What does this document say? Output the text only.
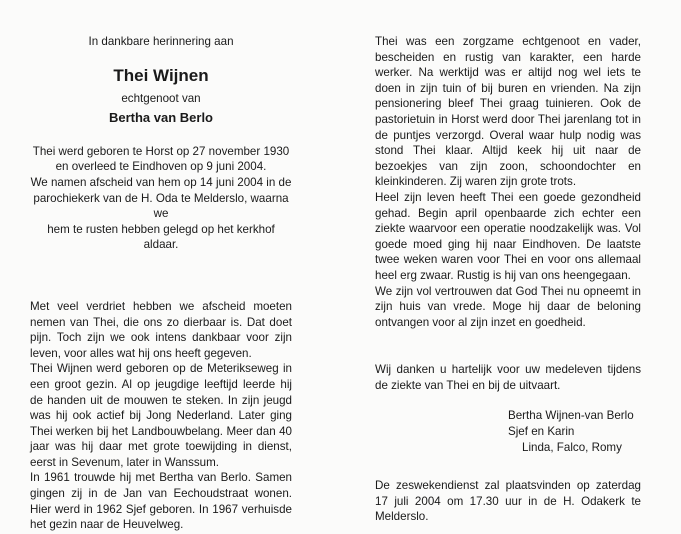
In dankbare herinnering aan
Thei Wijnen
echtgenoot van
Bertha van Berlo

Thei werd geboren te Horst op 27 november 1930

en overleed te Eindhoven op 9 juni 2004.

We namen afscheid van hem op 14 juni 2004 in de

parochiekerk van de H. Oda te Melderslo, waarna we

hem te rusten hebben gelegd op het kerkhof aldaar.

Met veel verdriet hebben we afscheid moeten nemen van Thei, die ons zo dierbaar is. Dat doet pijn. Toch zijn we ook intens dankbaar voor zijn leven, voor alles wat hij ons heeft gegeven.

Thei Wijnen werd geboren op de Meterikseweg in een groot gezin. Al op jeugdige leeftijd leerde hij de handen uit de mouwen te steken. In zijn jeugd was hij ook actief bij Jong Nederland. Later ging Thei werken bij het Landbouwbelang. Meer dan 40 jaar was hij daar met grote toewijding in dienst, eerst in Sevenum, later in Wanssum.

In 1961 trouwde hij met Bertha van Berlo. Samen gingen zij in de Jan van Eechoudstraat wonen. Hier werd in 1962 Sjef geboren. In 1967 verhuisde het gezin naar de Heuvelweg.

Thei was een zorgzame echtgenoot en vader, bescheiden en rustig van karakter, een harde werker. Na werktijd was er altijd nog wel iets te doen in zijn tuin of bij buren en vrienden. Na zijn pensionering bleef Thei graag tuinieren. Ook de pastorietuin in Horst werd door Thei jarenlang tot in de puntjes verzorgd. Overal waar hulp nodig was stond Thei klaar. Altijd keek hij uit naar de bezoekjes van zijn zoon, schoondochter en kleinkinderen. Zij waren zijn grote trots.

Heel zijn leven heeft Thei een goede gezondheid gehad. Begin april openbaarde zich echter een ziekte waarvoor een operatie noodzakelijk was. Vol goede moed ging hij naar Eindhoven. De laatste twee weken waren voor Thei en voor ons allemaal heel erg zwaar. Rustig is hij van ons heengegaan.

We zijn vol vertrouwen dat God Thei nu opneemt in zijn huis van vrede. Moge hij daar de beloning ontvangen voor al zijn inzet en goedheid.

Wij danken u hartelijk voor uw medeleven tijdens de ziekte van Thei en bij de uitvaart.
Bertha Wijnen-van Berlo
Sjef en Karin
Linda, Falco, Romy

De zeswekendienst zal plaatsvinden op zaterdag 17 juli 2004 om 17.30 uur in de H. Odakerk te Melderslo.
